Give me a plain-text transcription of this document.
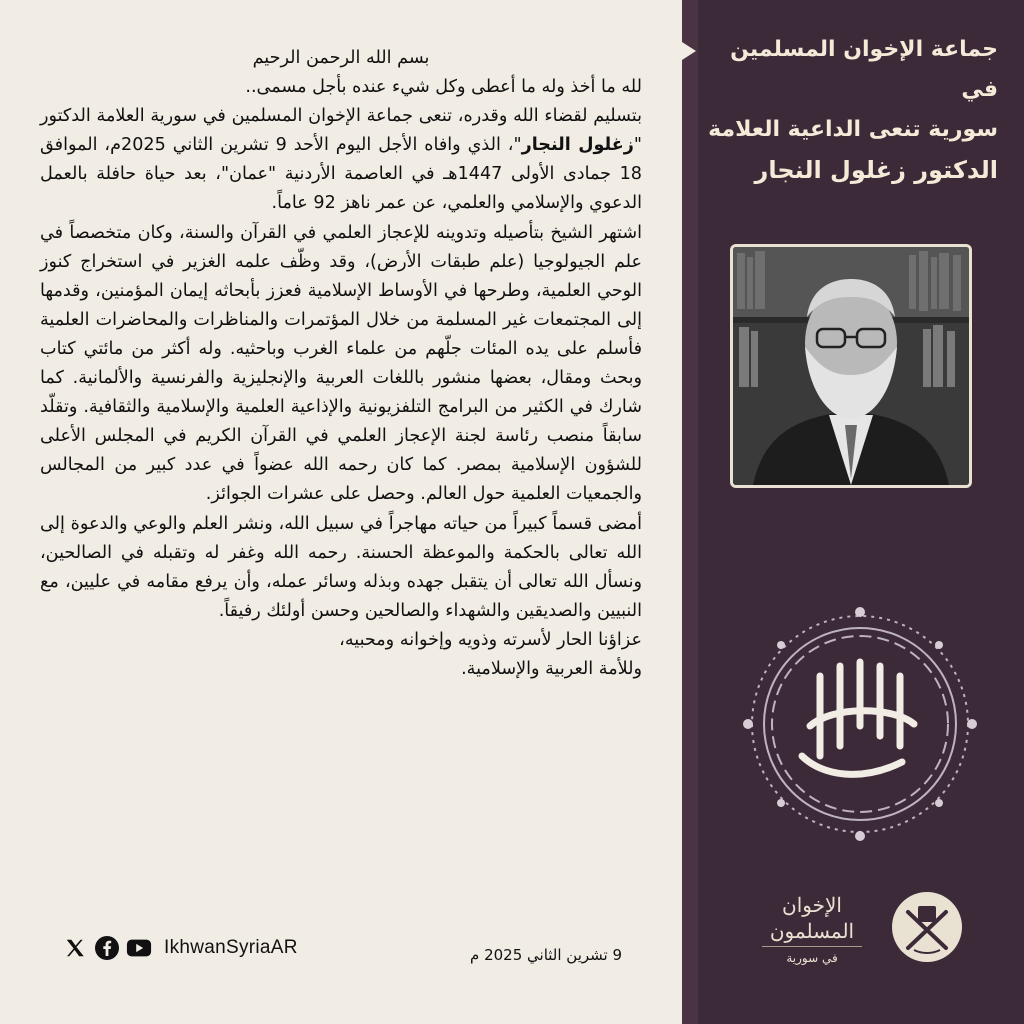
بسم الله الرحمن الرحيم

لله ما أخذ وله ما أعطى وكل شيء عنده بأجل مسمى..

بتسليم لقضاء الله وقدره، تنعى جماعة الإخوان المسلمين في سورية العلامة الدكتور "زغلول النجار"، الذي وافاه الأجل اليوم الأحد 9 تشرين الثاني 2025م، الموافق 18 جمادى الأولى 1447هـ في العاصمة الأردنية "عمان"، بعد حياة حافلة بالعمل الدعوي والإسلامي والعلمي، عن عمر ناهز 92 عاماً.

اشتهر الشيخ بتأصيله وتدوينه للإعجاز العلمي في القرآن والسنة، وكان متخصصاً في علم الجيولوجيا (علم طبقات الأرض)، وقد وظّف علمه الغزير في استخراج كنوز الوحي العلمية، وطرحها في الأوساط الإسلامية فعزز بأبحاثه إيمان المؤمنين، وقدمها إلى المجتمعات غير المسلمة من خلال المؤتمرات والمناظرات والمحاضرات العلمية فأسلم على يده المئات جلّهم من علماء الغرب وباحثيه. وله أكثر من مائتي كتاب وبحث ومقال، بعضها منشور باللغات العربية والإنجليزية والفرنسية والألمانية. كما شارك في الكثير من البرامج التلفزيونية والإذاعية العلمية والإسلامية والثقافية. وتقلّد سابقاً منصب رئاسة لجنة الإعجاز العلمي في القرآن الكريم في المجلس الأعلى للشؤون الإسلامية بمصر. كما كان رحمه الله عضواً في عدد كبير من المجالس والجمعيات العلمية حول العالم. وحصل على عشرات الجوائز.

أمضى قسماً كبيراً من حياته مهاجراً في سبيل الله، ونشر العلم والوعي والدعوة إلى الله تعالى بالحكمة والموعظة الحسنة. رحمه الله وغفر له وتقبله في الصالحين، ونسأل الله تعالى أن يتقبل جهده وبذله وسائر عمله، وأن يرفع مقامه في عليين، مع النبيين والصديقين والشهداء والصالحين وحسن أولئك رفيقاً.

عزاؤنا الحار لأسرته وذويه وإخوانه ومحبيه،

وللأمة العربية والإسلامية.

9 تشرين الثاني 2025 م
IkhwanSyriaAR
جماعة الإخوان المسلمين في
سورية تنعى الداعية العلامة
الدكتور زغلول النجار
الإخوان المسلمون
في سورية
